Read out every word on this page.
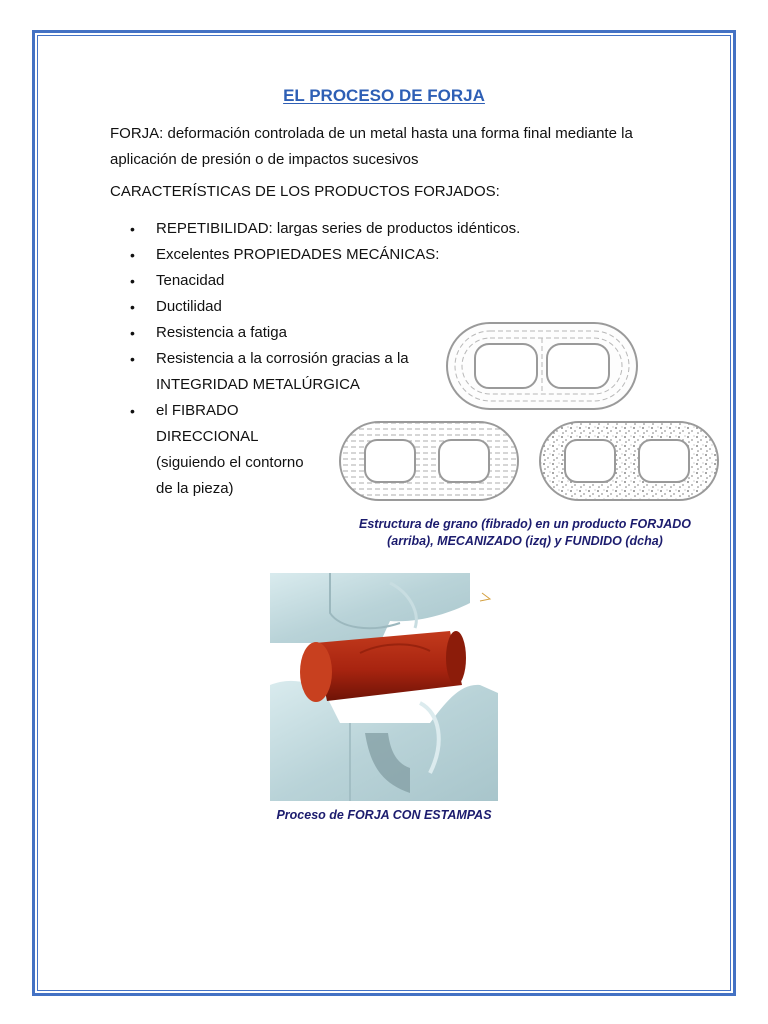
EL PROCESO DE FORJA
FORJA: deformación controlada de un metal hasta una forma final mediante la aplicación de presión o de impactos sucesivos
CARACTERÍSTICAS DE LOS PRODUCTOS FORJADOS:
• REPETIBILIDAD: largas series de productos idénticos.
• Excelentes PROPIEDADES MECÁNICAS:
• Tenacidad
• Ductilidad
• Resistencia a fatiga
• Resistencia a la corrosión gracias a la
INTEGRIDAD METALÚRGICA
• el FIBRADO
DIRECCIONAL
(siguiendo el contorno
de la pieza)
Estructura de grano (fibrado) en un producto FORJADO
(arriba), MECANIZADO (izq) y FUNDIDO (dcha)
Proceso de FORJA CON ESTAMPAS
